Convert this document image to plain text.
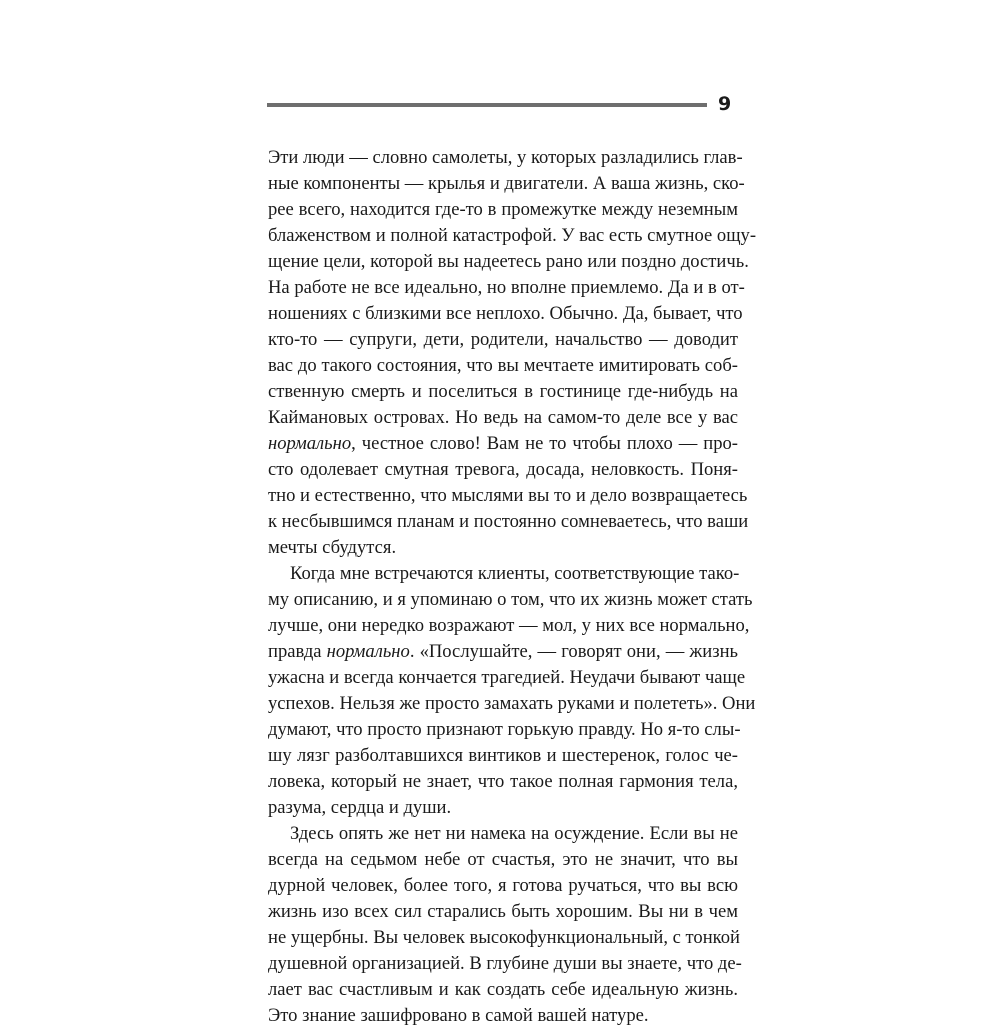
9
Эти люди — словно самолеты, у которых разладились глав-
ные компоненты — крылья и двигатели. А ваша жизнь, ско-
рее всего, находится где-то в промежутке между неземным
блаженством и полной катастрофой. У вас есть смутное ощу-
щение цели, которой вы надеетесь рано или поздно достичь.
На работе не все идеально, но вполне приемлемо. Да и в от-
ношениях с близкими все неплохо. Обычно. Да, бывает, что
кто-то — супруги, дети, родители, начальство — доводит
вас до такого состояния, что вы мечтаете имитировать соб-
ственную смерть и поселиться в гостинице где-нибудь на
Каймановых островах. Но ведь на самом-то деле все у вас
нормально, честное слово! Вам не то чтобы плохо — про-
сто одолевает смутная тревога, досада, неловкость. Поня-
тно и естественно, что мыслями вы то и дело возвращаетесь
к несбывшимся планам и постоянно сомневаетесь, что ваши
мечты сбудутся.
Когда мне встречаются клиенты, соответствующие тако-
му описанию, и я упоминаю о том, что их жизнь может стать
лучше, они нередко возражают — мол, у них все нормально,
правда нормально. «Послушайте, — говорят они, — жизнь
ужасна и всегда кончается трагедией. Неудачи бывают чаще
успехов. Нельзя же просто замахать руками и полететь». Они
думают, что просто признают горькую правду. Но я-то слы-
шу лязг разболтавшихся винтиков и шестеренок, голос че-
ловека, который не знает, что такое полная гармония тела,
разума, сердца и души.
Здесь опять же нет ни намека на осуждение. Если вы не
всегда на седьмом небе от счастья, это не значит, что вы
дурной человек, более того, я готова ручаться, что вы всю
жизнь изо всех сил старались быть хорошим. Вы ни в чем
не ущербны. Вы человек высокофункциональный, с тонкой
душевной организацией. В глубине души вы знаете, что де-
лает вас счастливым и как создать себе идеальную жизнь.
Это знание зашифровано в самой вашей натуре.
